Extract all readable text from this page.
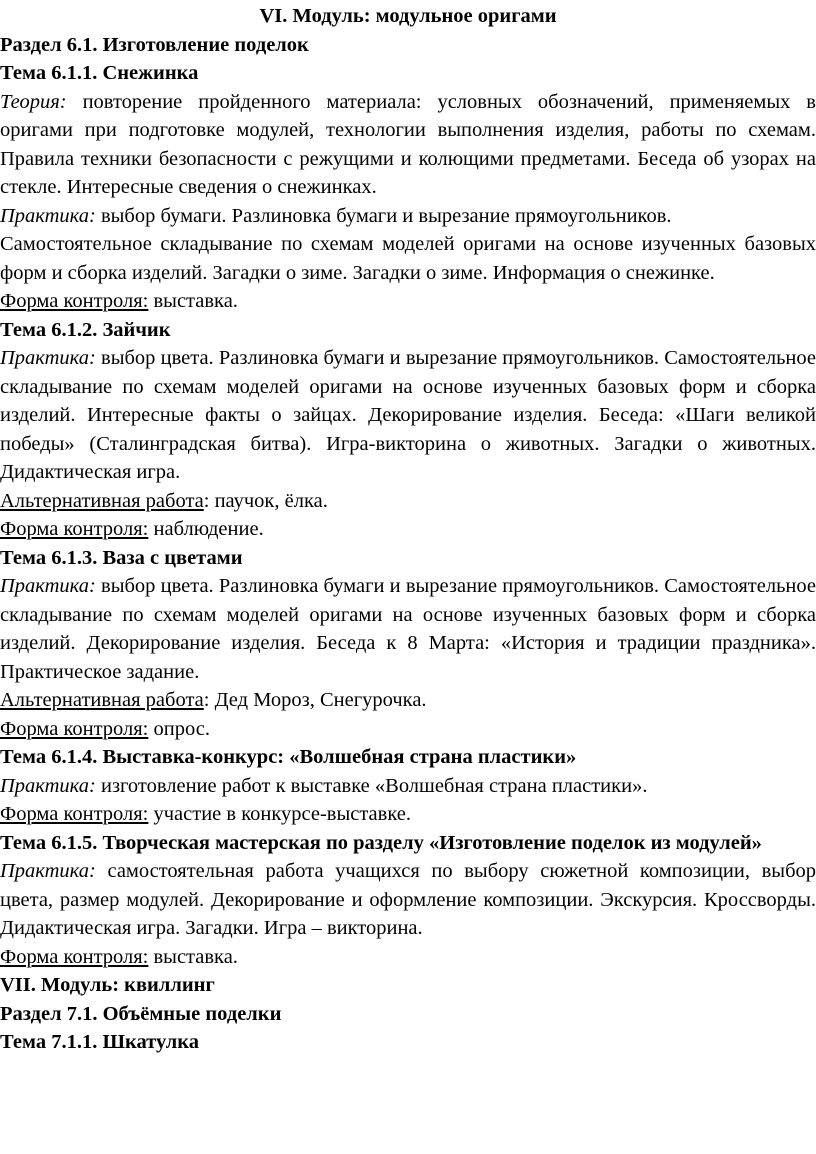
VI. Модуль: модульное оригами

Раздел 6.1. Изготовление поделок

Тема 6.1.1. Снежинка

Теория: повторение пройденного материала: условных обозначений, применяемых в оригами при подготовке модулей, технологии выполнения изделия, работы по схемам. Правила техники безопасности с режущими и колющими предметами. Беседа об узорах на стекле. Интересные сведения о снежинках.

Практика: выбор бумаги. Разлиновка бумаги и вырезание прямоугольников.

Самостоятельное складывание по схемам моделей оригами на основе изученных базовых форм и сборка изделий. Загадки о зиме. Загадки о зиме. Информация о снежинке.

Форма контроля: выставка.

Тема 6.1.2. Зайчик

Практика: выбор цвета. Разлиновка бумаги и вырезание прямоугольников. Самостоятельное складывание по схемам моделей оригами на основе изученных базовых форм и сборка изделий. Интересные факты о зайцах. Декорирование изделия. Беседа: «Шаги великой победы» (Сталинградская битва). Игра-викторина о животных. Загадки о животных. Дидактическая игра.

Альтернативная работа: паучок, ёлка.

Форма контроля: наблюдение.

Тема 6.1.3. Ваза с цветами

Практика: выбор цвета. Разлиновка бумаги и вырезание прямоугольников. Самостоятельное складывание по схемам моделей оригами на основе изученных базовых форм и сборка изделий. Декорирование изделия. Беседа к 8 Марта: «История и традиции праздника». Практическое задание.

Альтернативная работа: Дед Мороз, Снегурочка.

Форма контроля: опрос.

Тема 6.1.4. Выставка-конкурс: «Волшебная страна пластики»

Практика: изготовление работ к выставке «Волшебная страна пластики».

Форма контроля: участие в конкурсе-выставке.

Тема 6.1.5. Творческая мастерская по разделу «Изготовление поделок из модулей»

Практика: самостоятельная работа учащихся по выбору сюжетной композиции, выбор цвета, размер модулей. Декорирование и оформление композиции. Экскурсия. Кроссворды. Дидактическая игра. Загадки. Игра – викторина.

Форма контроля: выставка.

VII. Модуль: квиллинг

Раздел 7.1. Объёмные поделки

Тема 7.1.1. Шкатулка
